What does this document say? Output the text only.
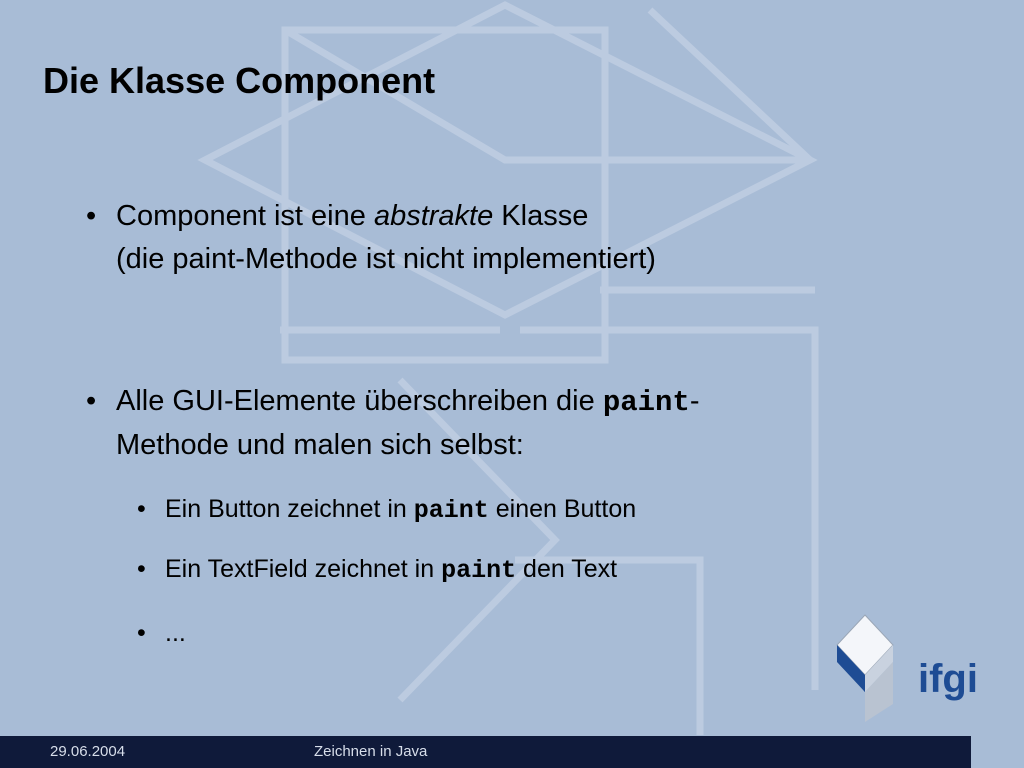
Die Klasse Component
• Component ist eine abstrakte Klasse
(die paint-Methode ist nicht implementiert)
• Alle GUI-Elemente überschreiben die paint-
Methode und malen sich selbst:
• Ein Button zeichnet in paint einen Button
• Ein TextField zeichnet in paint den Text
• ...
ifgi
29.06.2004	Zeichnen in Java
